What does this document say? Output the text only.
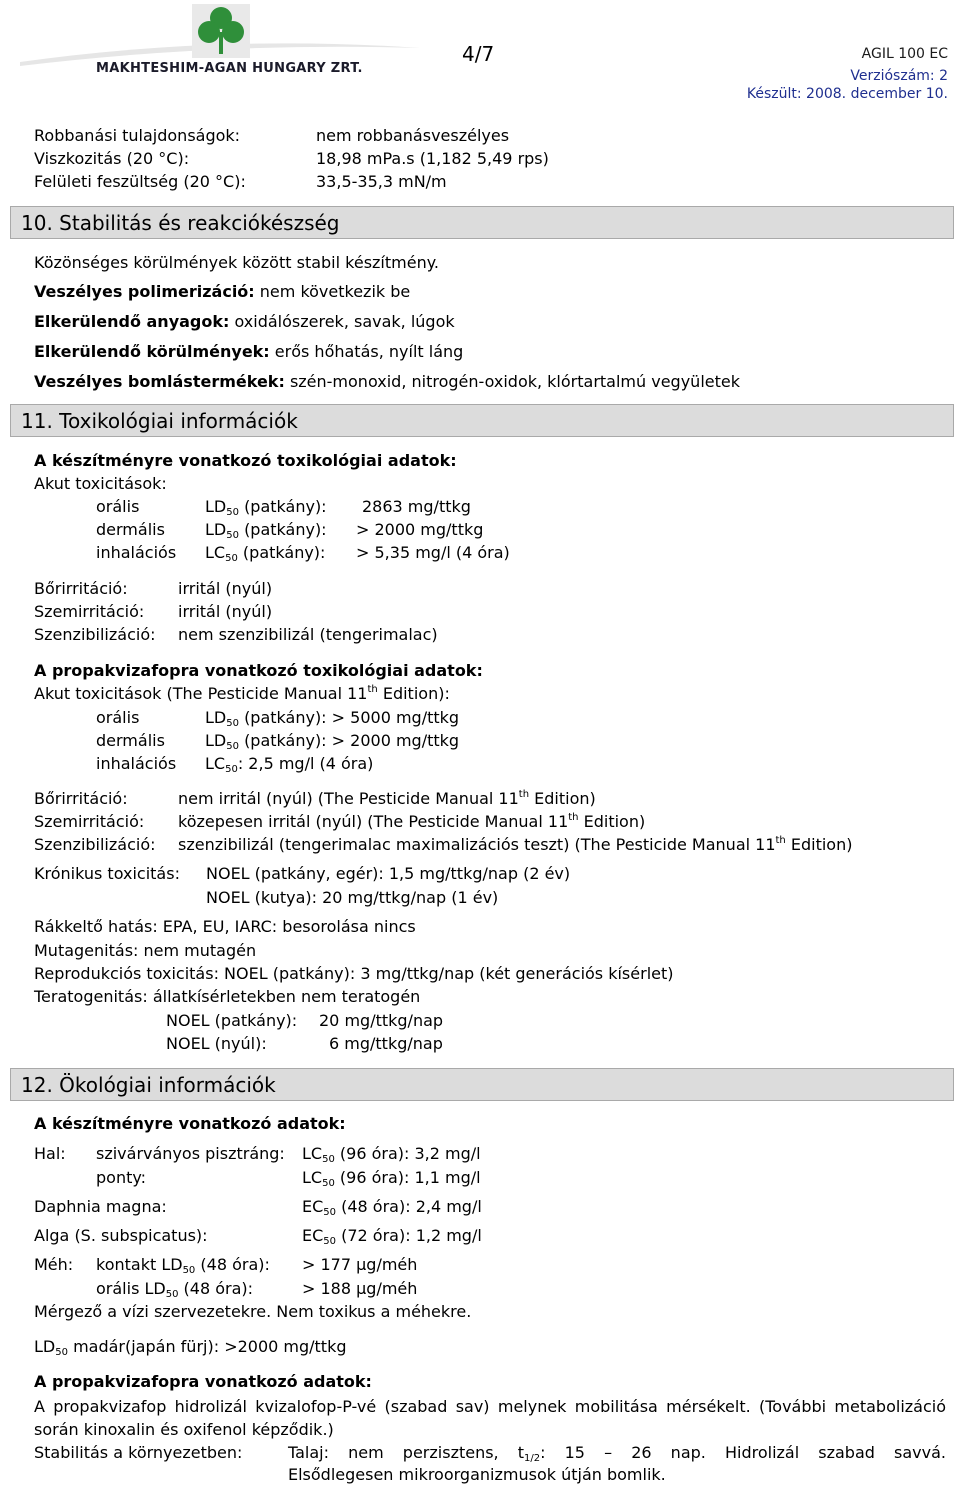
MAKHTESHIM-AGAN HUNGARY ZRT.
4/7	AGIL 100 EC
Verziószám: 2
Készült: 2008. december 10.
Robbanási tulajdonságok:	nem robbanásveszélyes
Viszkozitás (20 °C):	18,98 mPa.s (1,182 5,49 rps)
Felületi feszültség (20 °C):	33,5-35,3 mN/m
10. Stabilitás és reakciókészség
Közönséges körülmények között stabil készítmény.
Veszélyes polimerizáció: nem következik be
Elkerülendő anyagok: oxidálószerek, savak, lúgok
Elkerülendő körülmények: erős hőhatás, nyílt láng
Veszélyes bomlástermékek: szén-monoxid, nitrogén-oxidok, klórtartalmú vegyületek
11. Toxikológiai információk
A készítményre vonatkozó toxikológiai adatok:
Akut toxicitások:
orális	$LD_{50}$ (patkány): 2863 mg/ttkg
dermális	$LD_{50}$ (patkány): > 2000 mg/ttkg
inhalációs $LC_{50}$ (patkány): > 5,35 mg/l (4 óra)
Bőrirritáció:	irritál (nyúl)
Szemirritáció: irritál (nyúl)
Szenzibilizáció: nem szenzibilizál (tengerimalac)
A propakvizafopra vonatkozó toxikológiai adatok:
Akut toxicitások (The Pesticide Manual 11th Edition):
orális	$LD_{50}$ (patkány): > 5000 mg/ttkg
dermális	$LD_{50}$ (patkány): > 2000 mg/ttkg
inhalációs $LC_{50}$: 2,5 mg/l (4 óra)
Bőrirritáció:	nem irritál (nyúl) (The Pesticide Manual 11th Edition)
Szemirritáció: közepesen irritál (nyúl) (The Pesticide Manual 11th Edition)
Szenzibilizáció: szenzibilizál (tengerimalac maximalizációs teszt) (The Pesticide Manual 11th Edition)
Krónikus toxicitás: NOEL (patkány, egér): 1,5 mg/ttkg/nap (2 év)
NOEL (kutya): 20 mg/ttkg/nap (1 év)
Rákkeltő hatás: EPA, EU, IARC: besorolása nincs
Mutagenitás: nem mutagén
Reprodukciós toxicitás: NOEL (patkány): 3 mg/ttkg/nap (két generációs kísérlet)
Teratogenitás: állatkísérletekben nem teratogén
NOEL (patkány): 20 mg/ttkg/nap
NOEL (nyúl):	6 mg/ttkg/nap
12. Ökológiai információk
A készítményre vonatkozó adatok:
Hal: szivárványos pisztráng: $LC_{50}$ (96 óra): 3,2 mg/l
ponty:	$LC_{50}$ (96 óra): 1,1 mg/l
Daphnia magna:	$EC_{50}$ (48 óra): 2,4 mg/l
Alga (S. subspicatus):	$EC_{50}$ (72 óra): 1,2 mg/l
Méh: kontakt $LD_{50}$ (48 óra): > 177 µg/méh
orális $LD_{50}$ (48 óra):	> 188 µg/méh
Mérgező a vízi szervezetekre. Nem toxikus a méhekre.
$LD_{50}$ madár(japán fürj): >2000 mg/ttkg
A propakvizafopra vonatkozó adatok:
A propakvizafop hidrolizál kvizalofop-P-vé (szabad sav) melynek mobilitása mérsékelt. (További metabolizáció során kinoxalin és oxifenol képződik.)
Stabilitás a környezetben:	Talaj: nem perzisztens, $t_{1/2}$: 15 – 26 nap. Hidrolizál szabad savvá.
Elsődlegesen mikroorganizmusok útján bomlik.
